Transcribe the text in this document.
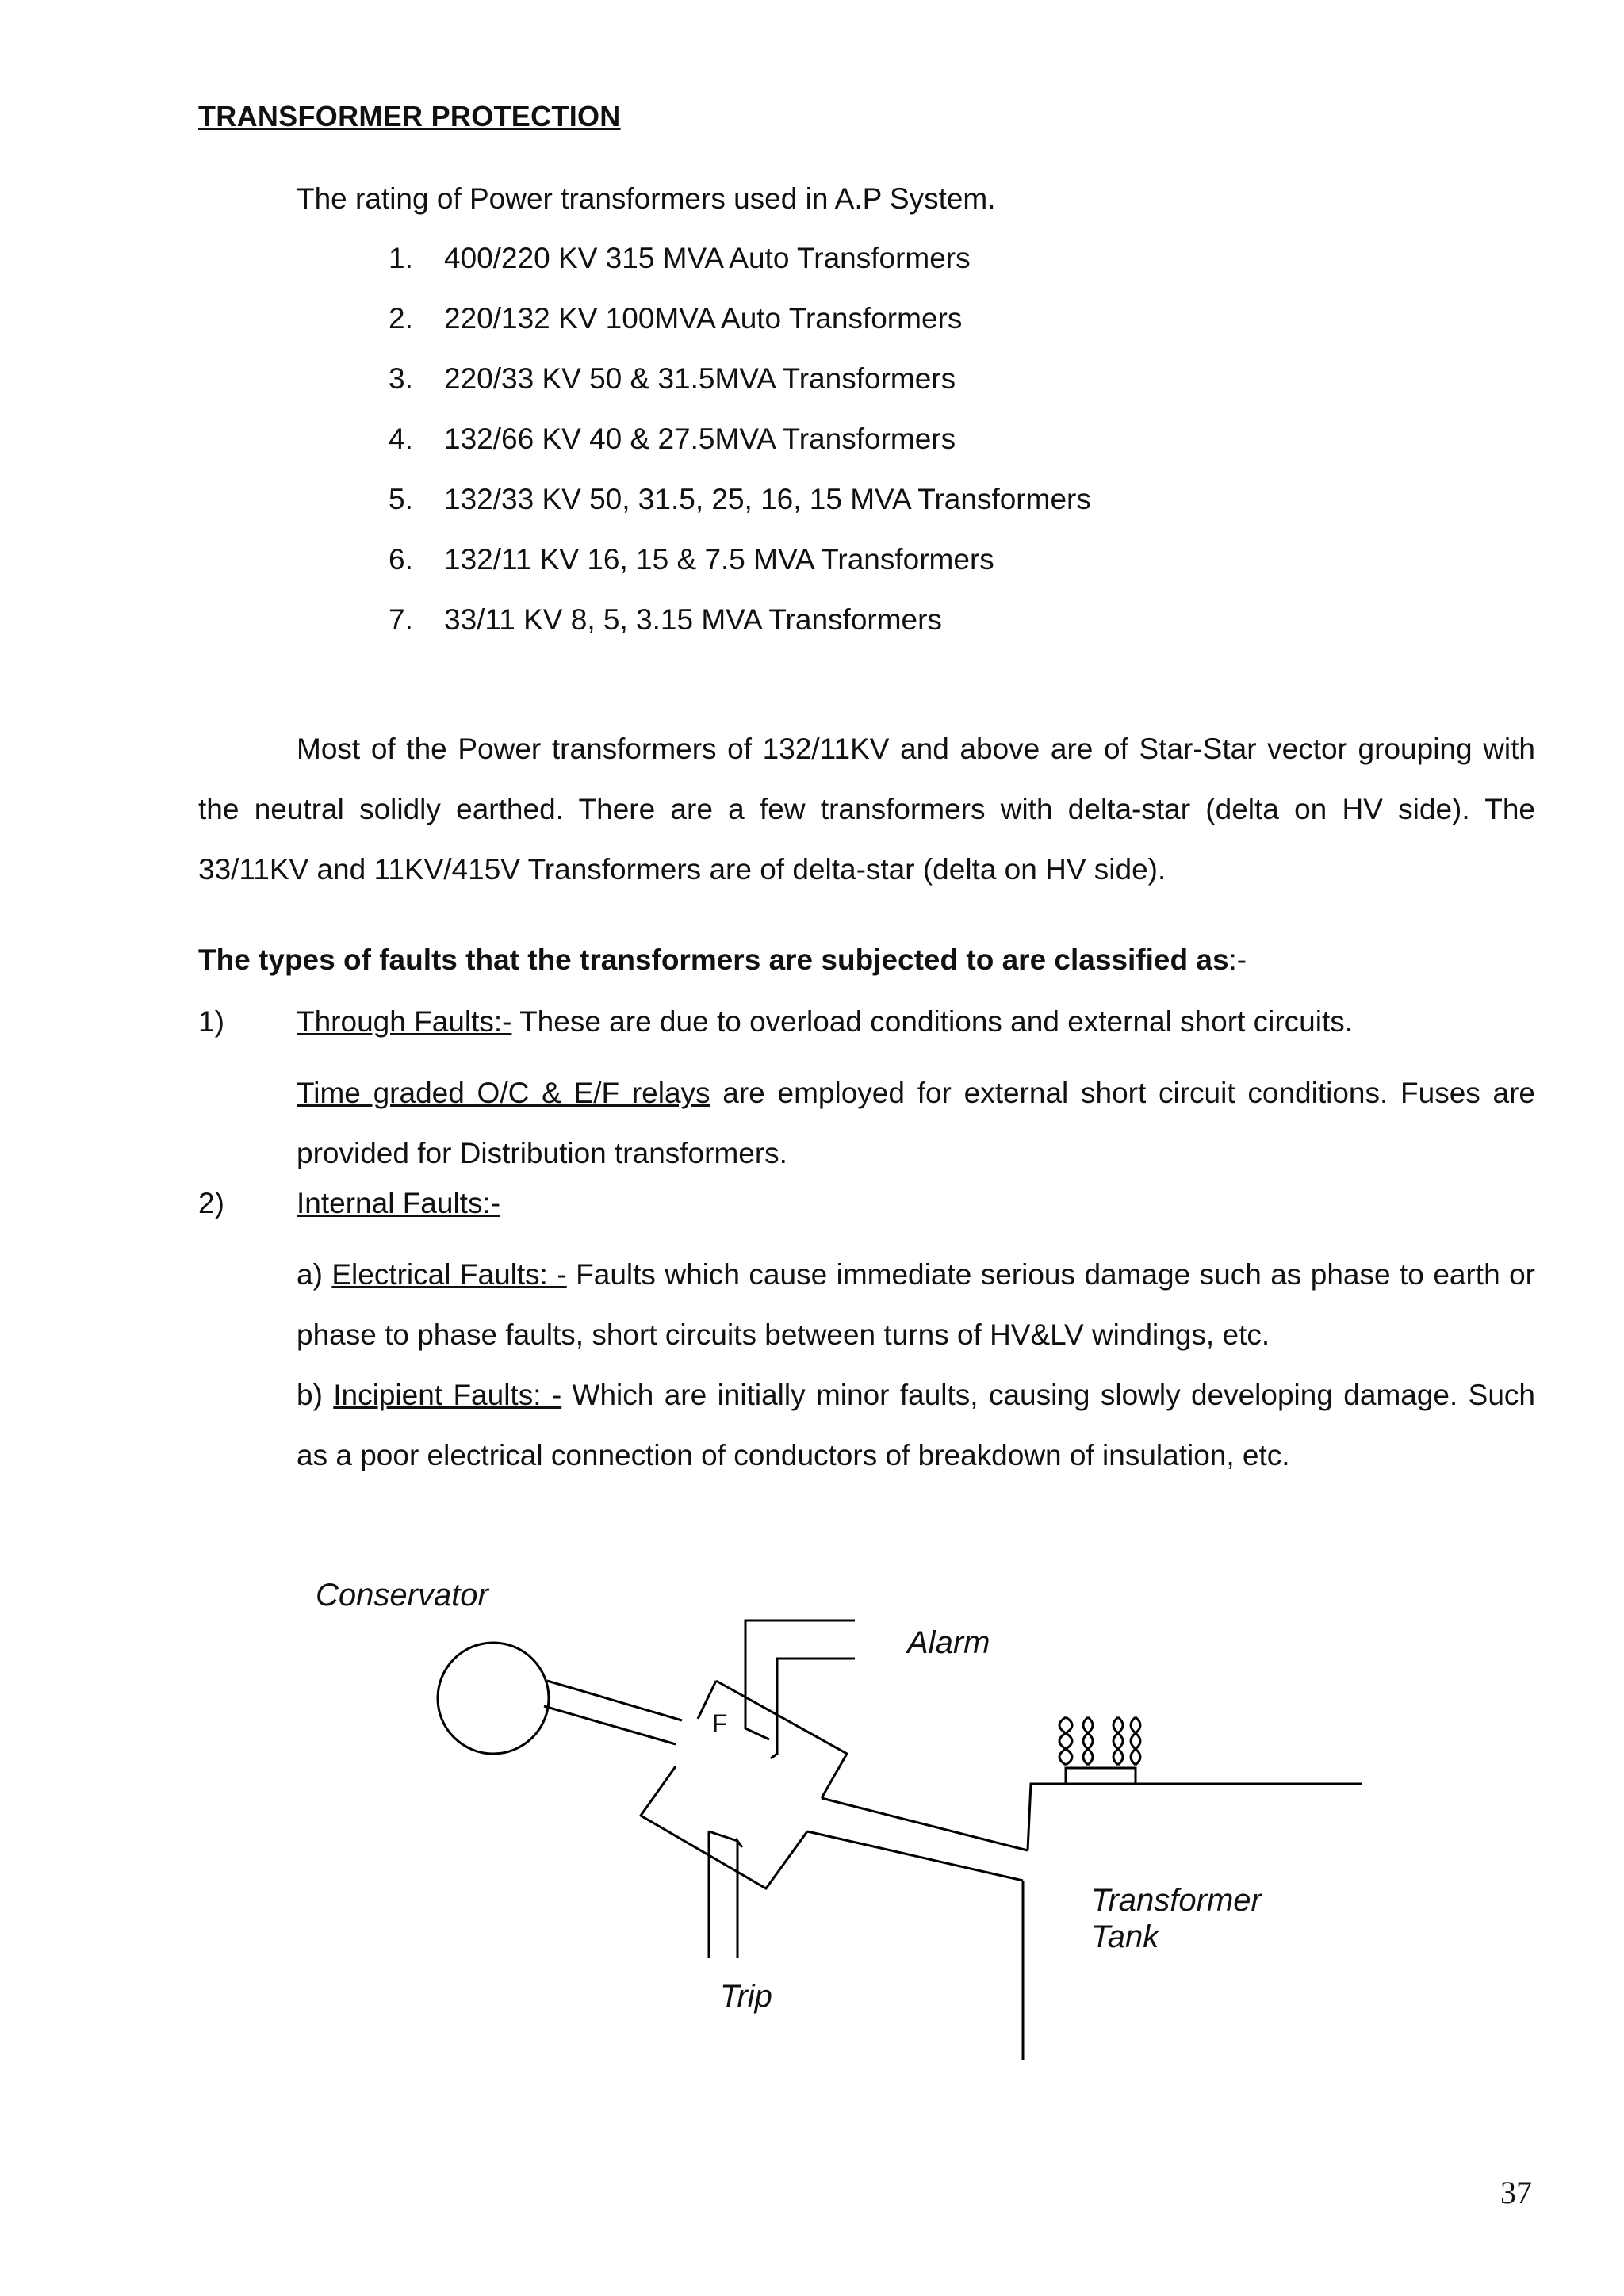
TRANSFORMER PROTECTION
The rating of Power transformers used in A.P System.
1. 400/220 KV 315 MVA Auto Transformers
2. 220/132 KV 100MVA Auto Transformers
3. 220/33 KV 50 & 31.5MVA Transformers
4. 132/66 KV 40 & 27.5MVA Transformers
5. 132/33 KV 50, 31.5, 25, 16, 15 MVA Transformers
6. 132/11 KV 16, 15 & 7.5 MVA Transformers
7. 33/11 KV 8, 5, 3.15 MVA Transformers

Most of the Power transformers of 132/11KV and above are of Star-Star vector grouping with the neutral solidly earthed. There are a few transformers with delta-star (delta on HV side). The 33/11KV and 11KV/415V Transformers are of delta-star (delta on HV side).

The types of faults that the transformers are subjected to are classified as:-

1) Through Faults:- These are due to overload conditions and external short circuits.

Time graded O/C & E/F relays are employed for external short circuit conditions. Fuses are provided for Distribution transformers.

2) Internal Faults:-

a) Electrical Faults: - Faults which cause immediate serious damage such as phase to earth or phase to phase faults, short circuits between turns of HV&LV windings, etc.

b) Incipient Faults: - Which are initially minor faults, causing slowly developing damage. Such as a poor electrical connection of conductors of breakdown of insulation, etc.

Conservator
Alarm
F
Trip
Transformer
Tank
37
